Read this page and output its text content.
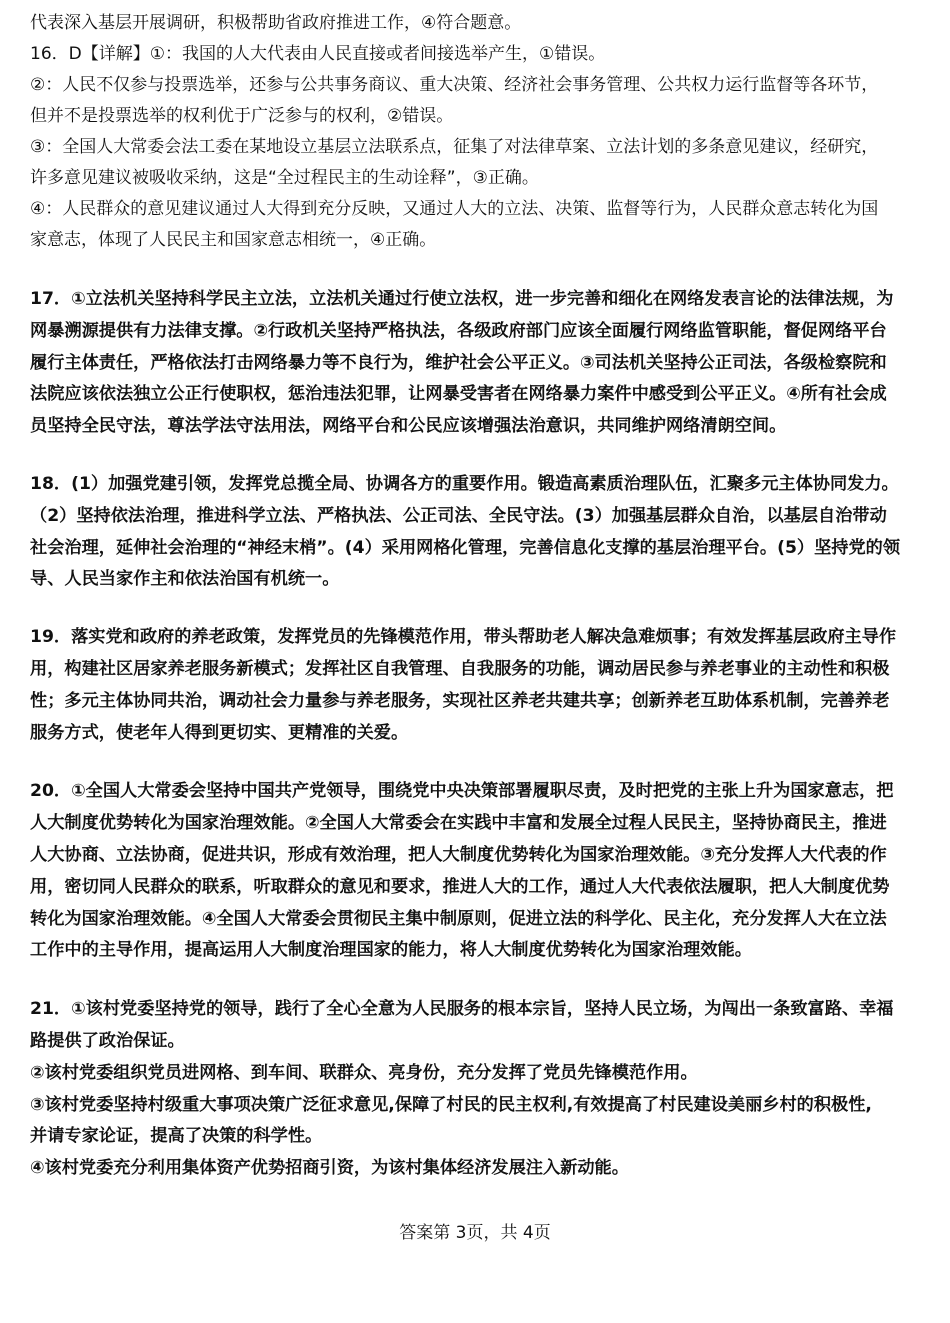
代表深入基层开展调研，积极帮助省政府推进工作，④符合题意。
16．D【详解】①：我国的人大代表由人民直接或者间接选举产生，①错误。
②：人民不仅参与投票选举，还参与公共事务商议、重大决策、经济社会事务管理、公共权力运行监督等各环节，
但并不是投票选举的权利优于广泛参与的权利，②错误。
③：全国人大常委会法工委在某地设立基层立法联系点，征集了对法律草案、立法计划的多条意见建议，经研究，
许多意见建议被吸收采纳，这是“全过程民主的生动诠释”，③正确。
④：人民群众的意见建议通过人大得到充分反映，又通过人大的立法、决策、监督等行为，人民群众意志转化为国
家意志，体现了人民民主和国家意志相统一，④正确。
17．①立法机关坚持科学民主立法，立法机关通过行使立法权，进一步完善和细化在网络发表言论的法律法规，为
网暴溯源提供有力法律支撑。②行政机关坚持严格执法，各级政府部门应该全面履行网络监管职能，督促网络平台
履行主体责任，严格依法打击网络暴力等不良行为，维护社会公平正义。③司法机关坚持公正司法，各级检察院和
法院应该依法独立公正行使职权，惩治违法犯罪，让网暴受害者在网络暴力案件中感受到公平正义。④所有社会成
员坚持全民守法，尊法学法守法用法，网络平台和公民应该增强法治意识，共同维护网络清朗空间。
18．(1）加强党建引领，发挥党总揽全局、协调各方的重要作用。锻造高素质治理队伍，汇聚多元主体协同发力。
（2）坚持依法治理，推进科学立法、严格执法、公正司法、全民守法。(3）加强基层群众自治，以基层自治带动
社会治理，延伸社会治理的“神经末梢”。(4）采用网格化管理，完善信息化支撑的基层治理平台。(5）坚持党的领
导、人民当家作主和依法治国有机统一。
19．落实党和政府的养老政策，发挥党员的先锋模范作用，带头帮助老人解决急难烦事；有效发挥基层政府主导作
用，构建社区居家养老服务新模式；发挥社区自我管理、自我服务的功能，调动居民参与养老事业的主动性和积极
性；多元主体协同共治，调动社会力量参与养老服务，实现社区养老共建共享；创新养老互助体系机制，完善养老
服务方式，使老年人得到更切实、更精准的关爱。
20．①全国人大常委会坚持中国共产党领导，围绕党中央决策部署履职尽责，及时把党的主张上升为国家意志，把
人大制度优势转化为国家治理效能。②全国人大常委会在实践中丰富和发展全过程人民民主，坚持协商民主，推进
人大协商、立法协商，促进共识，形成有效治理，把人大制度优势转化为国家治理效能。③充分发挥人大代表的作
用，密切同人民群众的联系，听取群众的意见和要求，推进人大的工作，通过人大代表依法履职，把人大制度优势
转化为国家治理效能。④全国人大常委会贯彻民主集中制原则，促进立法的科学化、民主化，充分发挥人大在立法
工作中的主导作用，提高运用人大制度治理国家的能力，将人大制度优势转化为国家治理效能。
21．①该村党委坚持党的领导，践行了全心全意为人民服务的根本宗旨，坚持人民立场，为闯出一条致富路、幸福
路提供了政治保证。
②该村党委组织党员进网格、到车间、联群众、亮身份，充分发挥了党员先锋模范作用。
③该村党委坚持村级重大事项决策广泛征求意见,保障了村民的民主权利,有效提高了村民建设美丽乡村的积极性,
并请专家论证，提高了决策的科学性。
④该村党委充分利用集体资产优势招商引资，为该村集体经济发展注入新动能。
答案第 3页，共 4页
